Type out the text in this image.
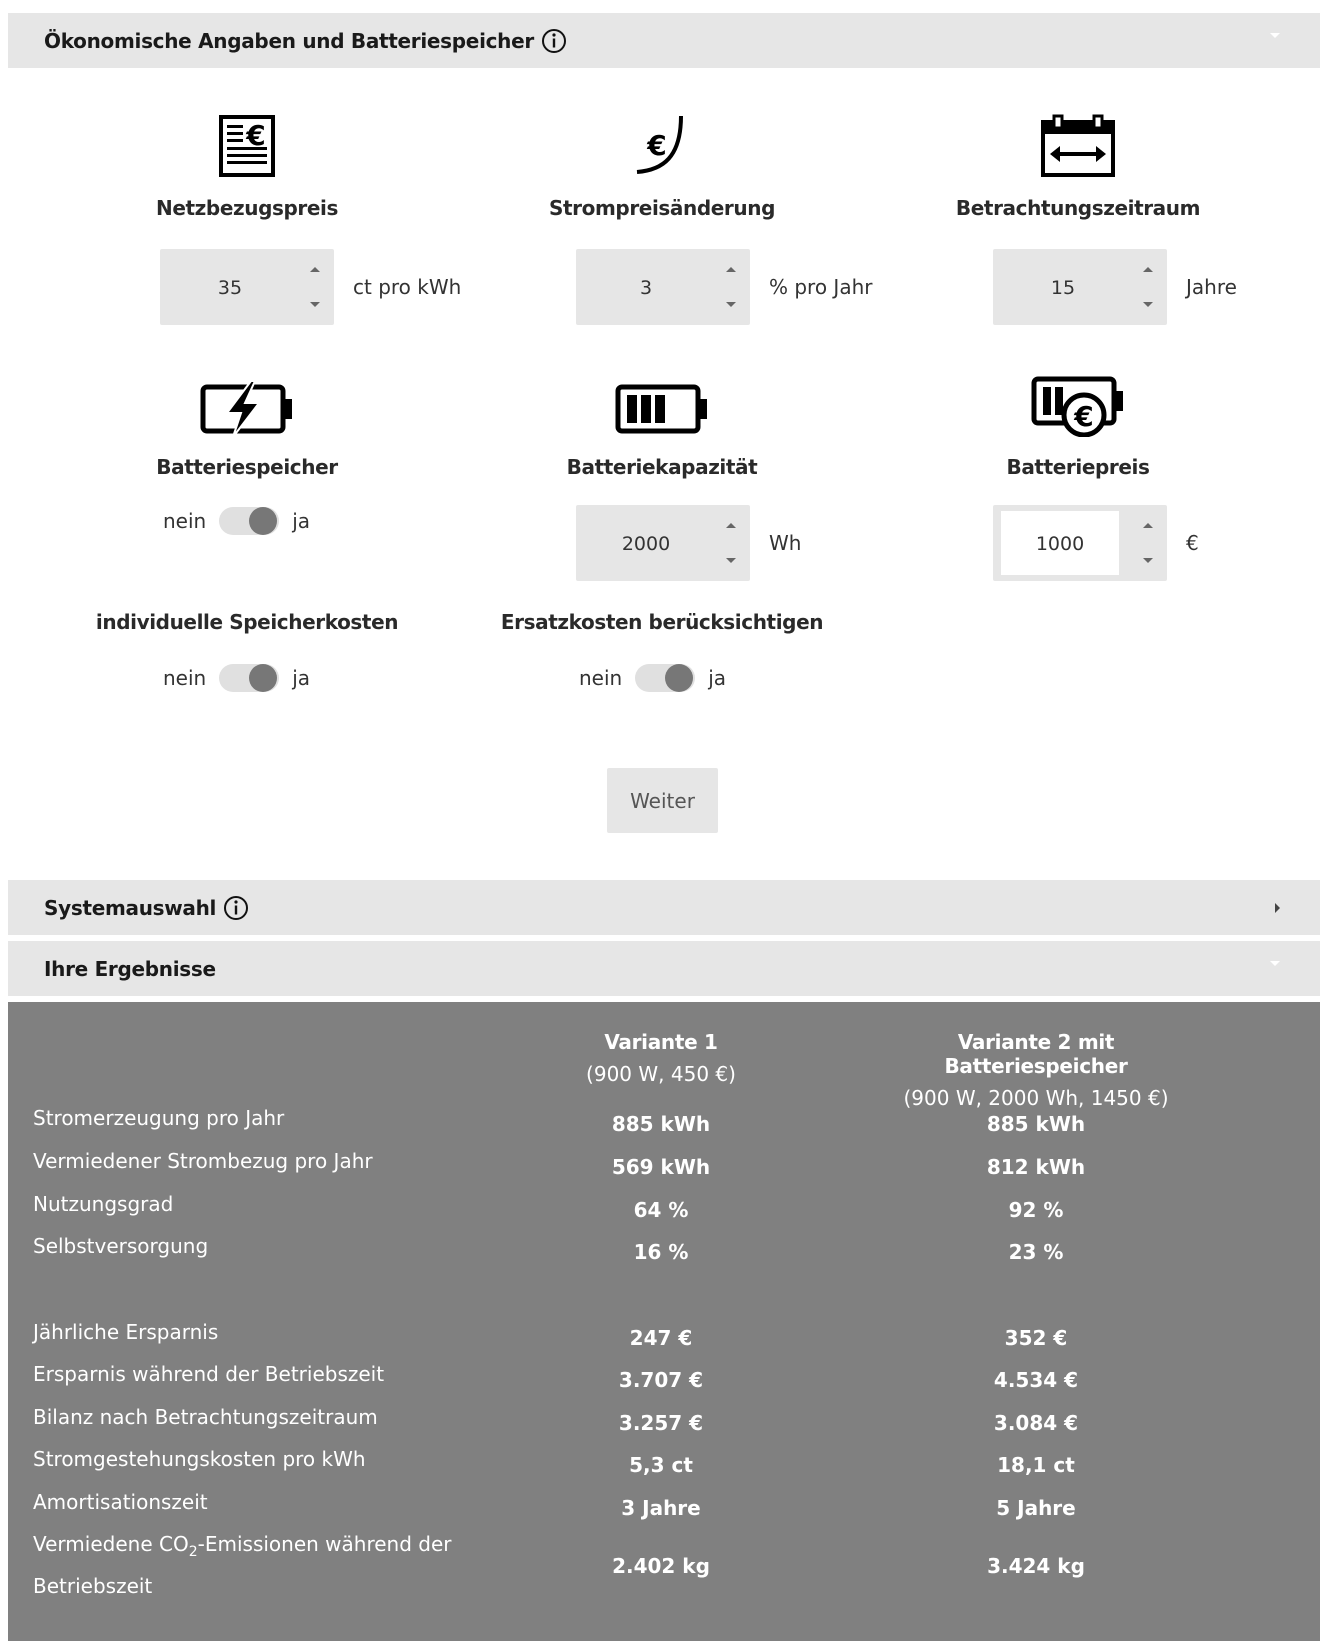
Ökonomische Angaben und Batteriespeicher
€
Netzbezugspreis
€
Strompreisänderung	Betrachtungszeitraum
35	ct pro kWh	3	% pro Jahr	15	Jahre
Batteriespeicher	Batteriekapazität
€
Batteriepreis
nein	ja
2000	Wh	1000	€
individuelle Speicherkosten	Ersatzkosten berücksichtigen
nein	ja	nein	ja
Weiter
Systemauswahl
Ihre Ergebnisse
Variante 1
(900 W, 450 €)
Variante 2 mit Batteriespeicher
(900 W, 2000 Wh, 1450 €)
Stromerzeugung pro Jahr	885 kWh	885 kWh
Vermiedener Strombezug pro Jahr	569 kWh	812 kWh
Nutzungsgrad	64 %	92 %
Selbstversorgung	16 %	23 %
Jährliche Ersparnis	247 €	352 €
Ersparnis während der Betriebszeit	3.707 €	4.534 €
Bilanz nach Betrachtungszeitraum	3.257 €	3.084 €
Stromgestehungskosten pro kWh	5,3 ct	18,1 ct
Amortisationszeit	3 Jahre	5 Jahre
Vermiedene $CO_2$-Emissionen während der
Betriebszeit
2.402 kg	3.424 kg
